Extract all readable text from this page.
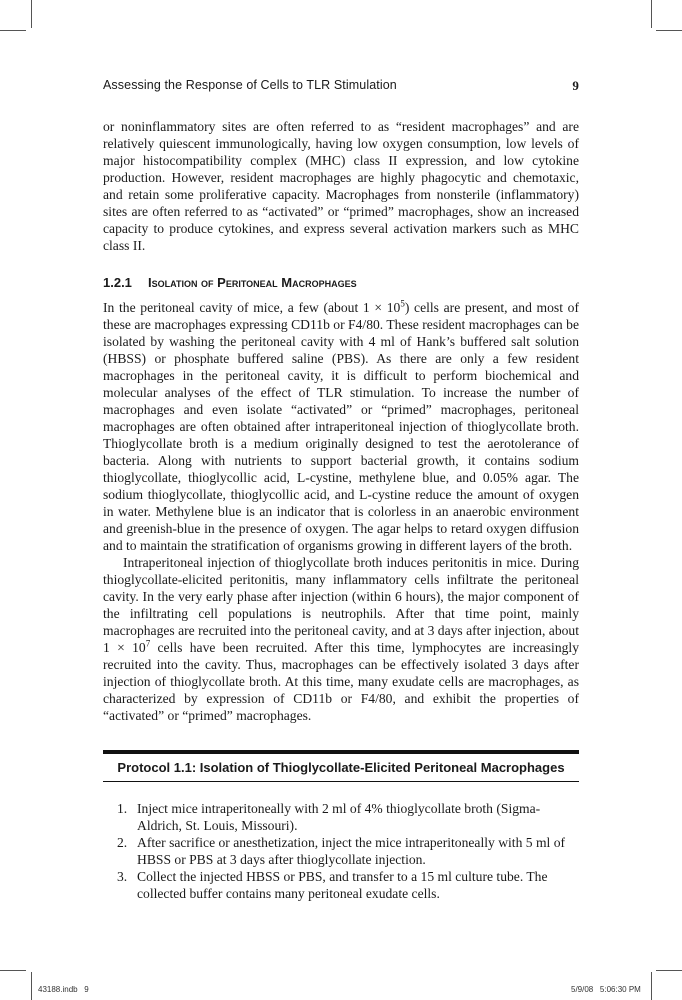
Assessing the Response of Cells to TLR Stimulation	9

or noninflammatory sites are often referred to as “resident macrophages” and are relatively quiescent immunologically, having low oxygen consumption, low levels of major histocompatibility complex (MHC) class II expression, and low cytokine production. However, resident macrophages are highly phagocytic and chemotaxic, and retain some proliferative capacity. Macrophages from nonsterile (inflammatory) sites are often referred to as “activated” or “primed” macrophages, show an increased capacity to produce cytokines, and express several activation markers such as MHC class II.

1.2.1 Isolation of Peritoneal Macrophages

In the peritoneal cavity of mice, a few (about $1 \times 10^5$) cells are present, and most of these are macrophages expressing CD11b or F4/80. These resident macrophages can be isolated by washing the peritoneal cavity with 4 ml of Hank’s buffered salt solution (HBSS) or phosphate buffered saline (PBS). As there are only a few resident macrophages in the peritoneal cavity, it is difficult to perform biochemical and molecular analyses of the effect of TLR stimulation. To increase the number of macrophages and even isolate “activated” or “primed” macrophages, peritoneal macrophages are often obtained after intraperitoneal injection of thioglycollate broth. Thioglycollate broth is a medium originally designed to test the aerotolerance of bacteria. Along with nutrients to support bacterial growth, it contains sodium thioglycollate, thioglycollic acid, L-cystine, methylene blue, and 0.05% agar. The sodium thioglycollate, thioglycollic acid, and L-cystine reduce the amount of oxygen in water. Methylene blue is an indicator that is colorless in an anaerobic environment and greenish-blue in the presence of oxygen. The agar helps to retard oxygen diffusion and to maintain the stratification of organisms growing in different layers of the broth.

Intraperitoneal injection of thioglycollate broth induces peritonitis in mice. During thioglycollate-elicited peritonitis, many inflammatory cells infiltrate the peritoneal cavity. In the very early phase after injection (within 6 hours), the major component of the infiltrating cell populations is neutrophils. After that time point, mainly macrophages are recruited into the peritoneal cavity, and at 3 days after injection, about $1 \times 10^7$ cells have been recruited. After this time, lymphocytes are increasingly recruited into the cavity. Thus, macrophages can be effectively isolated 3 days after injection of thioglycollate broth. At this time, many exudate cells are macrophages, as characterized by expression of CD11b or F4/80, and exhibit the properties of “activated” or “primed” macrophages.

Protocol 1.1: Isolation of Thioglycollate-Elicited Peritoneal Macrophages
1. Inject mice intraperitoneally with 2 ml of 4% thioglycollate broth (Sigma-Aldrich, St. Louis, Missouri).
2. After sacrifice or anesthetization, inject the mice intraperitoneally with 5 ml of HBSS or PBS at 3 days after thioglycollate injection.
3. Collect the injected HBSS or PBS, and transfer to a 15 ml culture tube. The collected buffer contains many peritoneal exudate cells.
43188.indb   9	5/9/08   5:06:30 PM
